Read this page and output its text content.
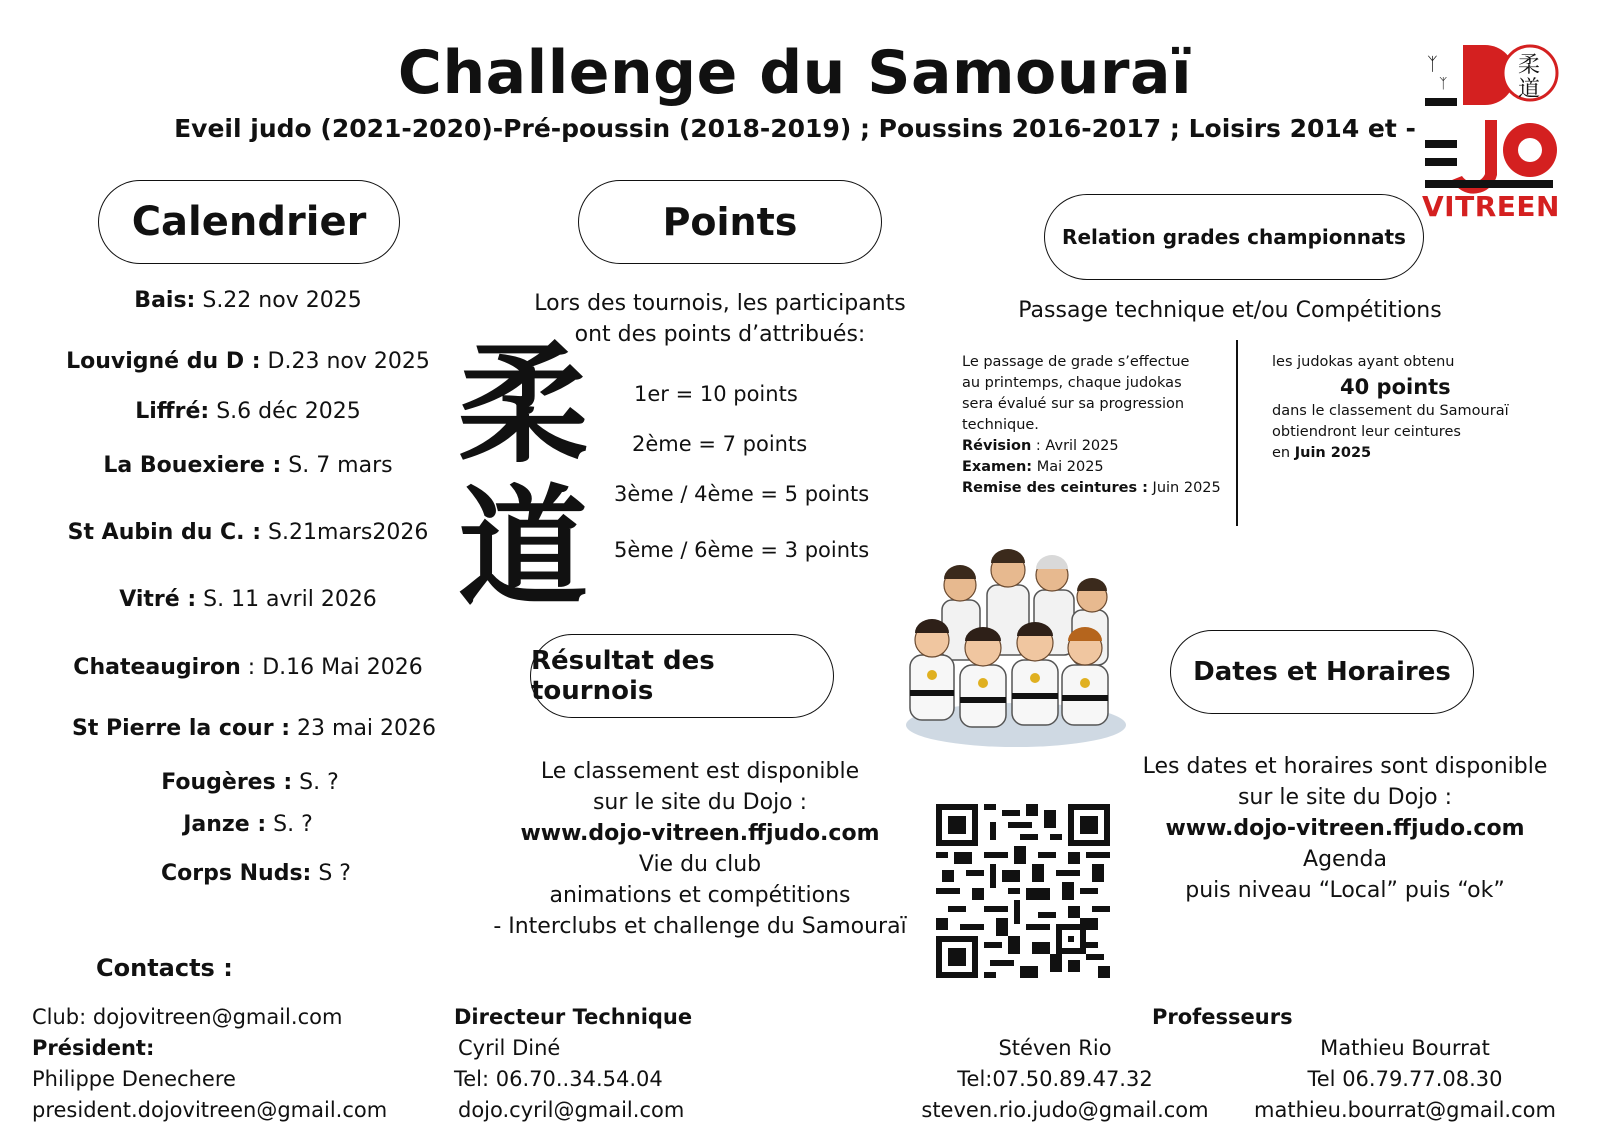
Challenge du Samouraï
Eveil judo (2021-2020)-Pré-poussin (2018-2019) ; Poussins 2016-2017 ; Loisirs 2014 et -
ᛉ
ᛉ
柔
道
VITREEN
Calendrier
Bais: S.22 nov 2025
Louvigné du D : D.23 nov 2025
Liffré: S.6 déc 2025
La Bouexiere : S. 7 mars
St Aubin du C. : S.21mars2026
Vitré : S. 11 avril 2026
Chateaugiron : D.16 Mai 2026
St Pierre la cour : 23 mai 2026
Fougères : S. ?
Janze : S. ?
Corps Nuds: S ?
Points
Lors des tournois, les participants
ont des points d’attribués:
柔
道
1er = 10 points
2ème = 7 points
3ème / 4ème = 5 points
5ème / 6ème = 3 points
Relation grades championnats
Passage technique et/ou Compétitions
Le passage de grade s’effectue
au printemps, chaque judokas
sera évalué sur sa progression
technique.
Révision : Avril 2025
Examen: Mai 2025
Remise des ceintures : Juin 2025
les judokas ayant obtenu
40 points
dans le classement du Samouraï
obtiendront leur ceintures
en Juin 2025
Résultat des tournois
Le classement est disponible
sur le site du Dojo :
www.dojo-vitreen.ffjudo.com
Vie du club
animations et compétitions
- Interclubs et challenge du Samouraï
Dates et Horaires
Les dates et horaires sont disponible
sur le site du Dojo :
www.dojo-vitreen.ffjudo.com
Agenda
puis niveau “Local” puis “ok”
Contacts :
Club: dojovitreen@gmail.com
Président:
Philippe Denechere
president.dojovitreen@gmail.com
Directeur Technique
Cyril Diné
Tel: 06.70..34.54.04
dojo.cyril@gmail.com
Professeurs
Stéven Rio
Tel:07.50.89.47.32
steven.rio.judo@gmail.com
Mathieu Bourrat
Tel 06.79.77.08.30
mathieu.bourrat@gmail.com
